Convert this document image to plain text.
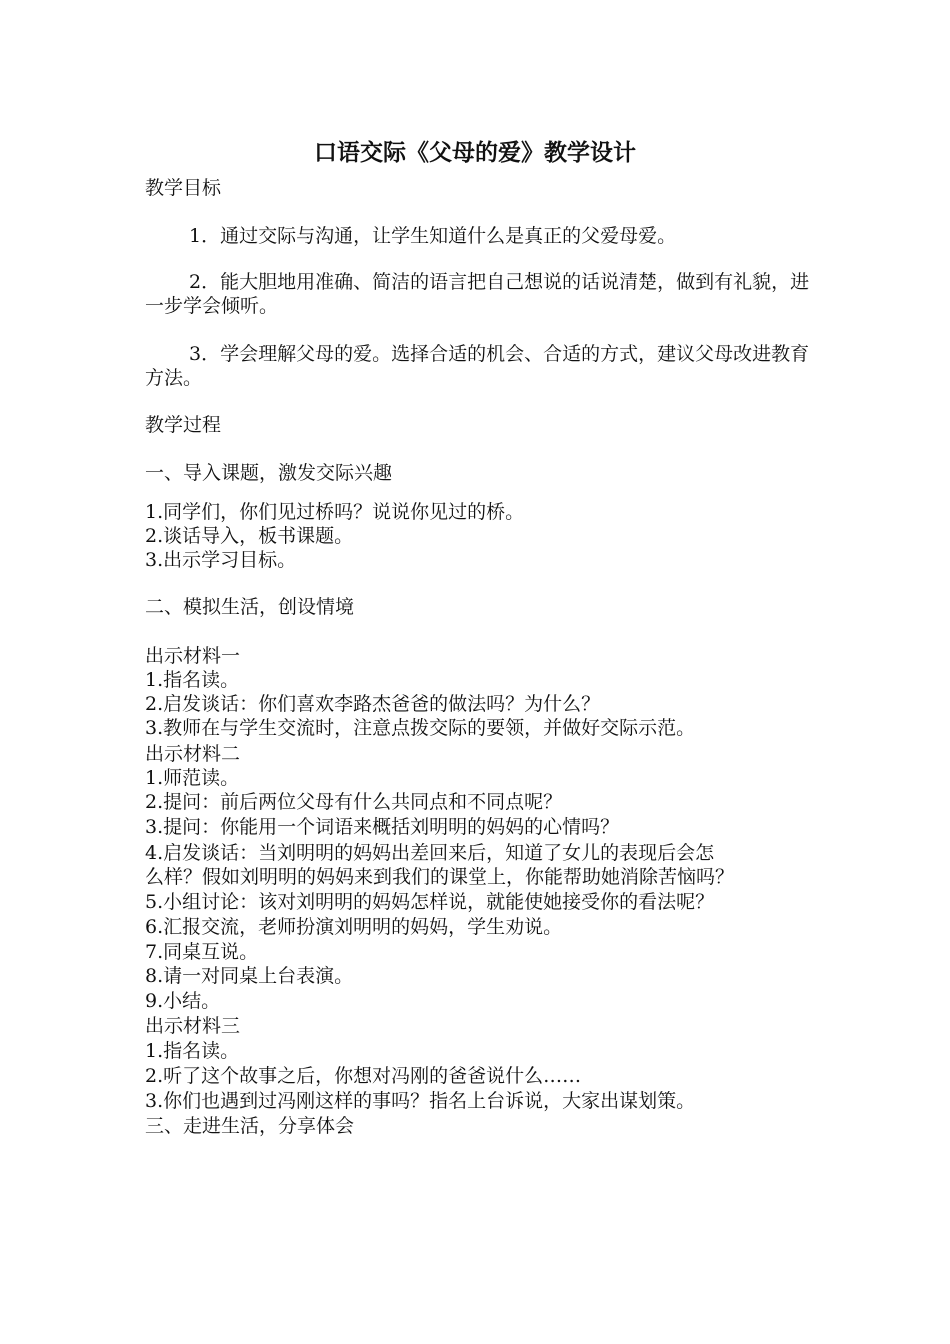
口语交际《父母的爱》教学设计
教学目标
1．通过交际与沟通，让学生知道什么是真正的父爱母爱。
2．能大胆地用准确、简洁的语言把自己想说的话说清楚，做到有礼貌，进一步学会倾听。
3．学会理解父母的爱。选择合适的机会、合适的方式，建议父母改进教育方法。
教学过程
一、导入课题，激发交际兴趣
1.同学们，你们见过桥吗？说说你见过的桥。
2.谈话导入，板书课题。
3.出示学习目标。
二、模拟生活，创设情境
出示材料一
1.指名读。
2.启发谈话：你们喜欢李路杰爸爸的做法吗？为什么？
3.教师在与学生交流时，注意点拨交际的要领，并做好交际示范。
出示材料二
1.师范读。
2.提问：前后两位父母有什么共同点和不同点呢？
3.提问：你能用一个词语来概括刘明明的妈妈的心情吗？
4.启发谈话：当刘明明的妈妈出差回来后，知道了女儿的表现后会怎
么样？假如刘明明的妈妈来到我们的课堂上，你能帮助她消除苦恼吗？
5.小组讨论：该对刘明明的妈妈怎样说，就能使她接受你的看法呢？
6.汇报交流，老师扮演刘明明的妈妈，学生劝说。
7.同桌互说。
8.请一对同桌上台表演。
9.小结。
出示材料三
1.指名读。
2.听了这个故事之后，你想对冯刚的爸爸说什么……
3.你们也遇到过冯刚这样的事吗？指名上台诉说，大家出谋划策。
三、走进生活，分享体会
